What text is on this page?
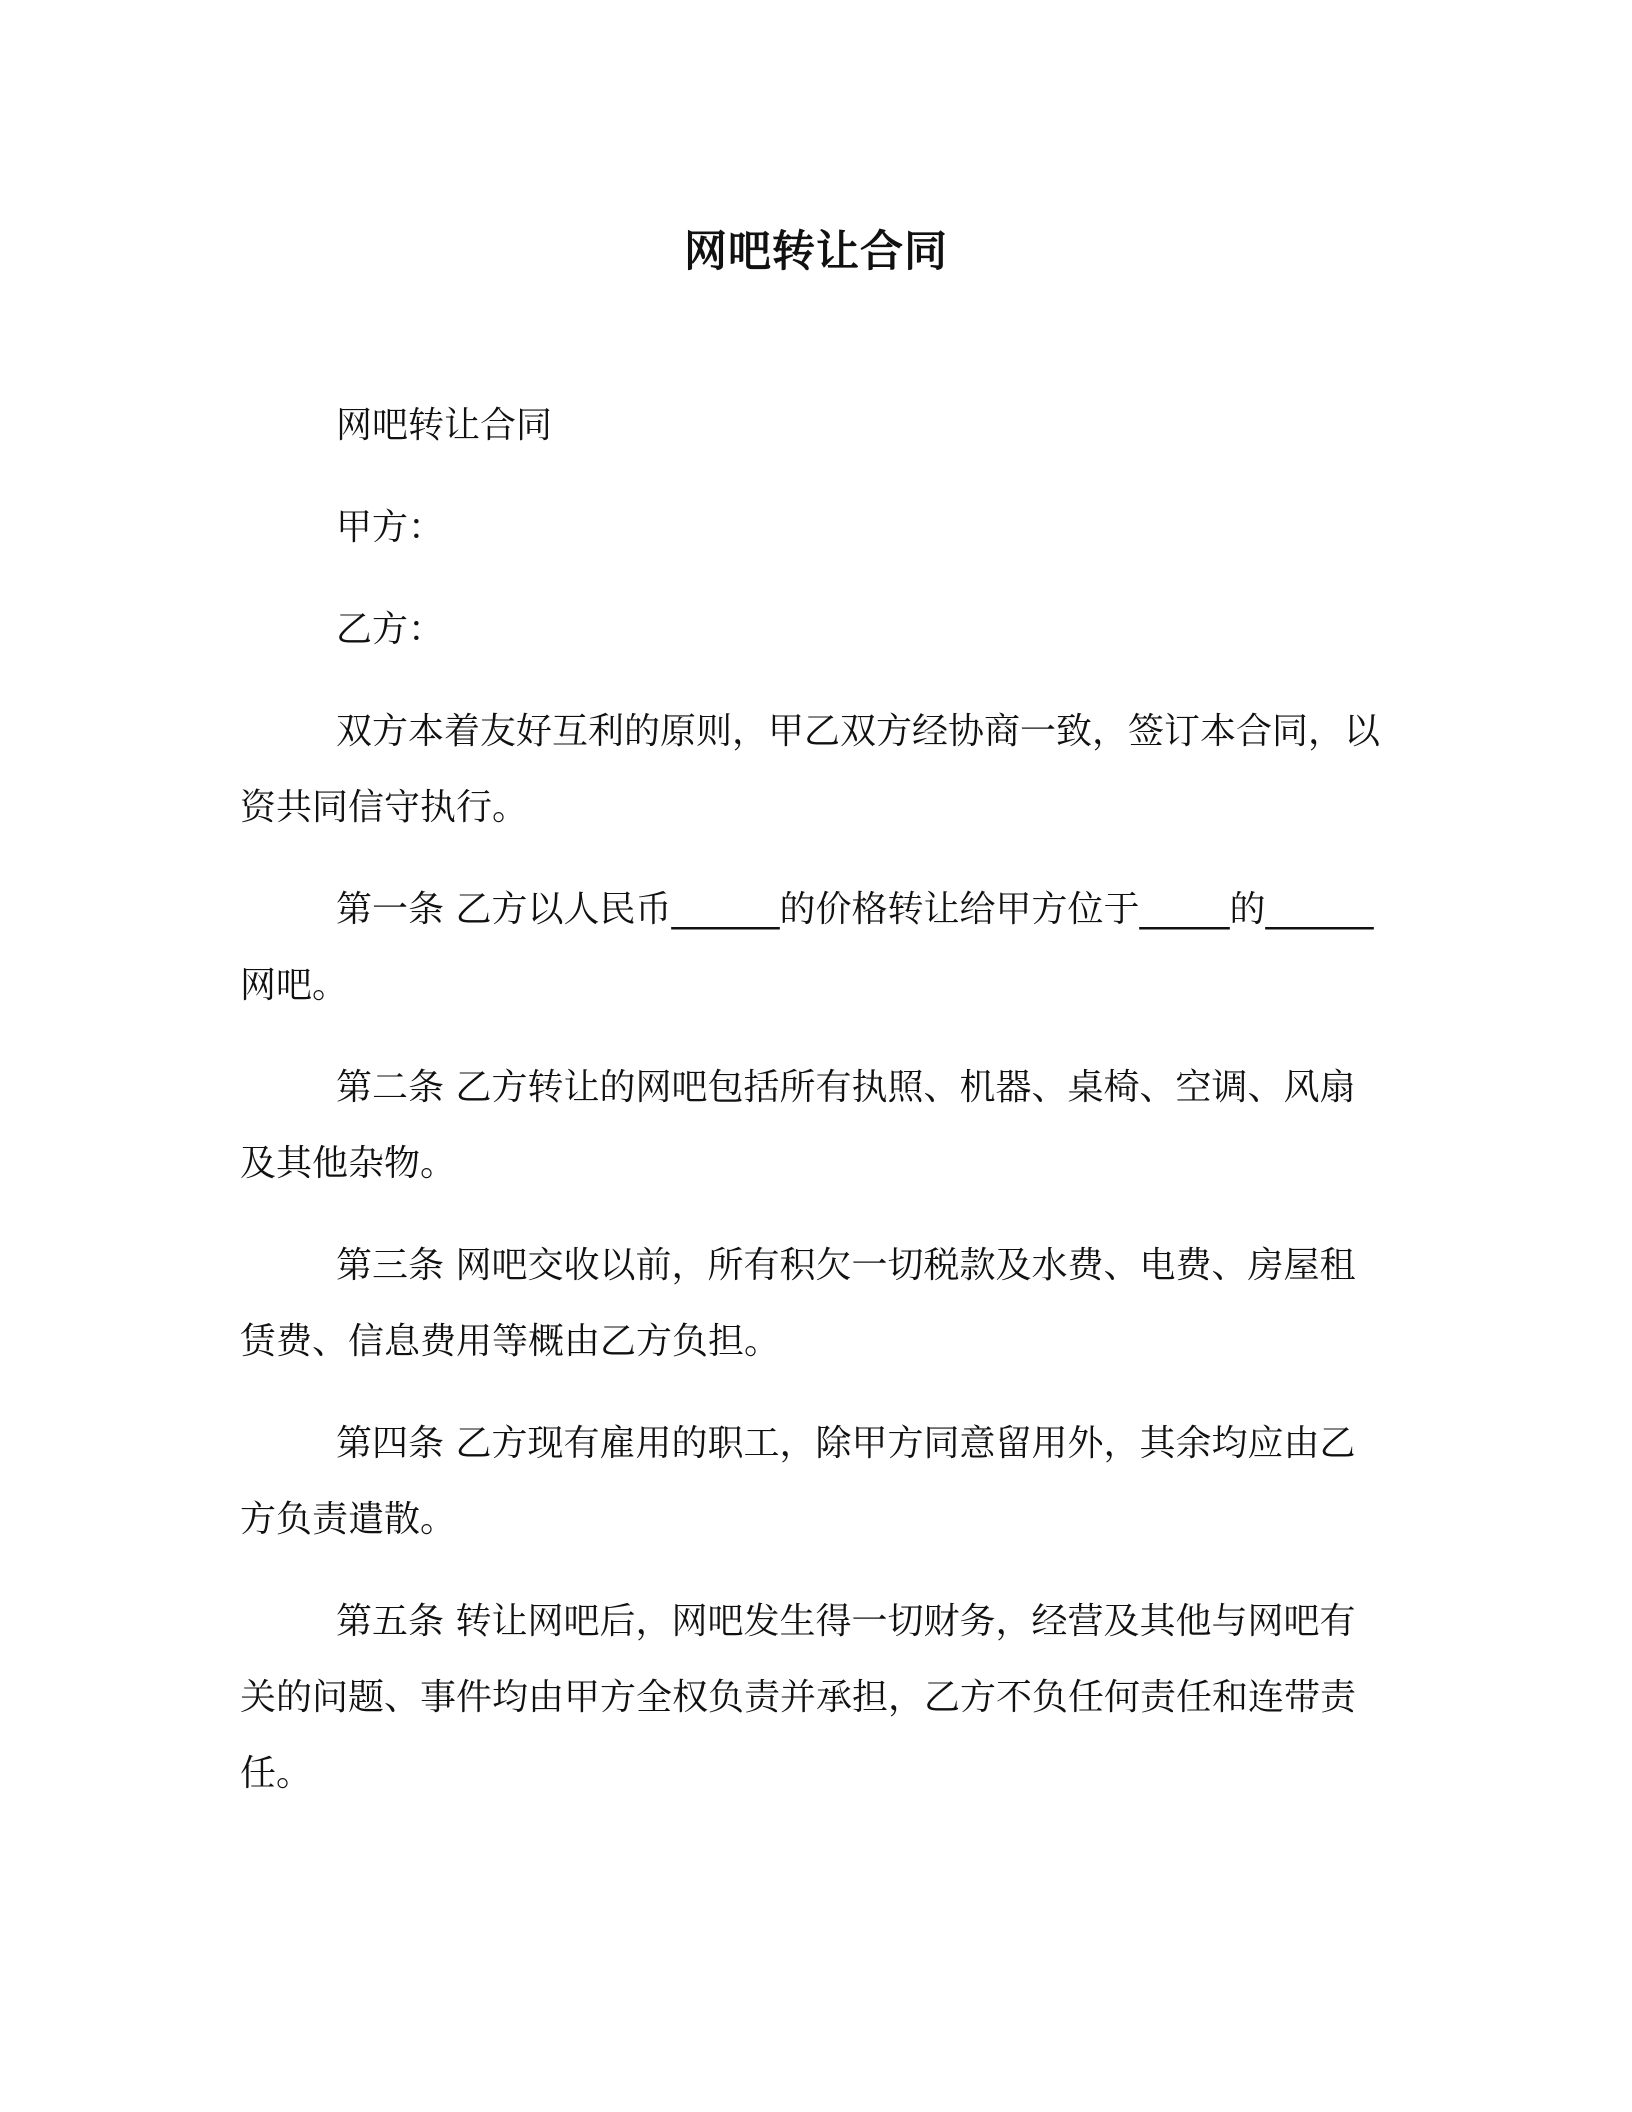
网吧转让合同

网吧转让合同

甲方：

乙方：

双方本着友好互利的原则，甲乙双方经协商一致，签订本合同，以资共同信守执行。

第一条 乙方以人民币______的价格转让给甲方位于_____的______网吧。

第二条 乙方转让的网吧包括所有执照、机器、桌椅、空调、风扇及其他杂物。

第三条 网吧交收以前，所有积欠一切税款及水费、电费、房屋租赁费、信息费用等概由乙方负担。

第四条 乙方现有雇用的职工，除甲方同意留用外，其余均应由乙方负责遣散。

第五条 转让网吧后，网吧发生得一切财务，经营及其他与网吧有关的问题、事件均由甲方全权负责并承担，乙方不负任何责任和连带责任。
